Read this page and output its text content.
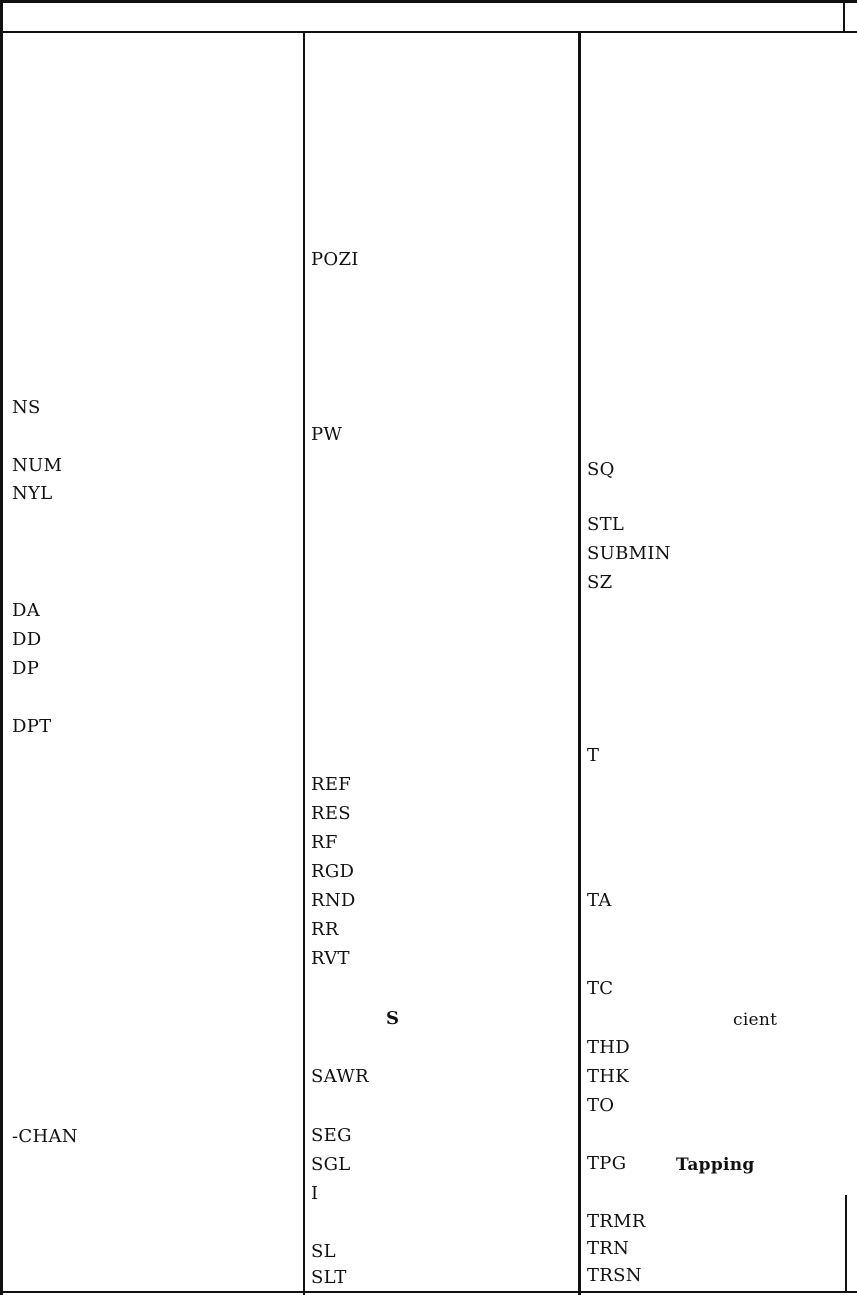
NS
NUM
NYL
DA
DD
DP
DPT
-CHAN
POZI
PW
REF
RES
RF
RGD
RND
RR
RVT
S
SAWR
SEG
SGL
I
SL
SLT
SQ
STL
SUBMIN
SZ
T
TA
TC
cient
THD
THK
TO
TPG	Tapping
TRMR
TRN
TRSN
